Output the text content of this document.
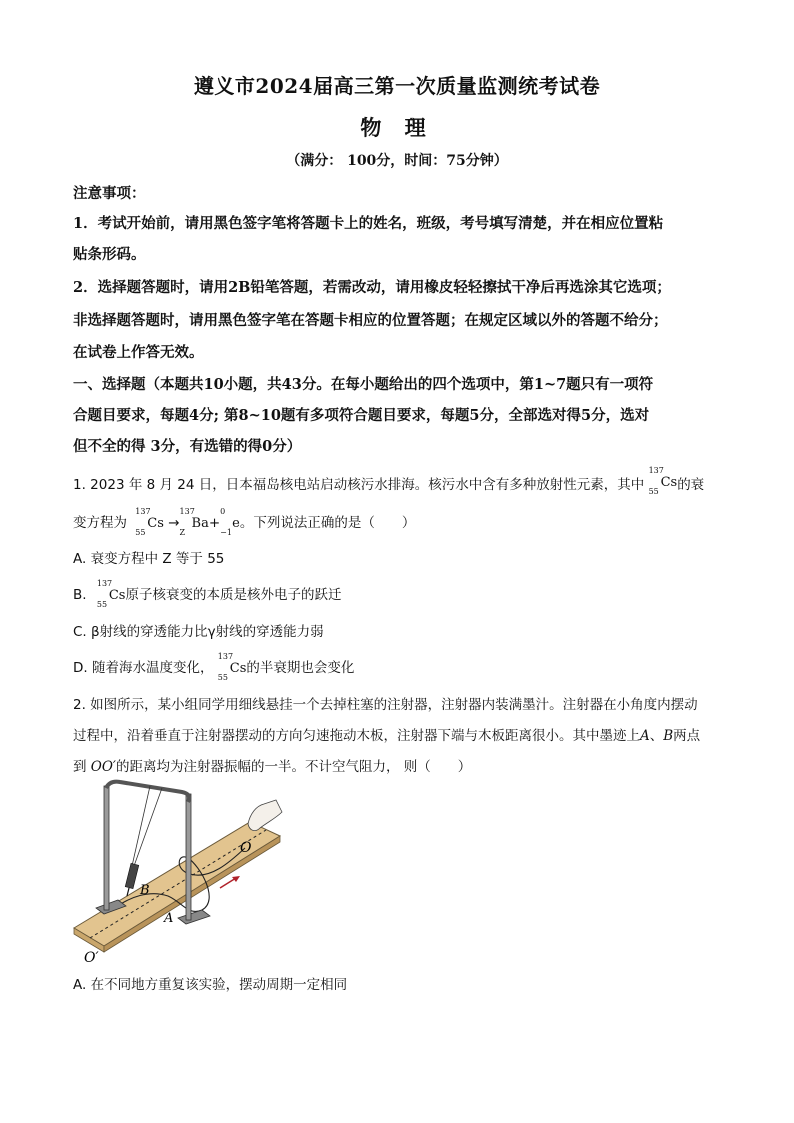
遵义市2024届高三第一次质量监测统考试卷
物 理
（满分： 100分，时间：75分钟）
注意事项：
1．考试开始前，请用黑色签字笔将答题卡上的姓名，班级，考号填写清楚，并在相应位置粘
贴条形码。
2．选择题答题时，请用2B铅笔答题，若需改动，请用橡皮轻轻擦拭干净后再选涂其它选项；
非选择题答题时，请用黑色签字笔在答题卡相应的位置答题；在规定区域以外的答题不给分；
在试卷上作答无效。
一、选择题（本题共10小题，共43分。在每小题给出的四个选项中，第1~7题只有一项符
合题目要求，每题4分; 第8~10题有多项符合题目要求，每题5分，全部选对得5分，选对
但不全的得 3分，有选错的得0分）
1. 2023 年 8 月 24 日，日本福岛核电站启动核污水排海。核污水中含有多种放射性元素，其中
137
55
Cs的衰
变方程为
137
55
Cs →
137
Z
Ba+
0
−1
e。下列说法正确的是（　　）
A. 衰变方程中 Z 等于 55
B.
137
55
Cs原子核衰变的本质是核外电子的跃迁
C. β射线的穿透能力比γ射线的穿透能力弱
D. 随着海水温度变化，
137
55
Cs的半衰期也会变化
2. 如图所示，某小组同学用细线悬挂一个去掉柱塞的注射器，注射器内装满墨汁。注射器在小角度内摆动
过程中，沿着垂直于注射器摆动的方向匀速拖动木板，注射器下端与木板距离很小。其中墨迹上A、B两点
到 OO′的距离均为注射器振幅的一半。不计空气阻力， 则（　　）
B
A
O
O′
A. 在不同地方重复该实验，摆动周期一定相同
